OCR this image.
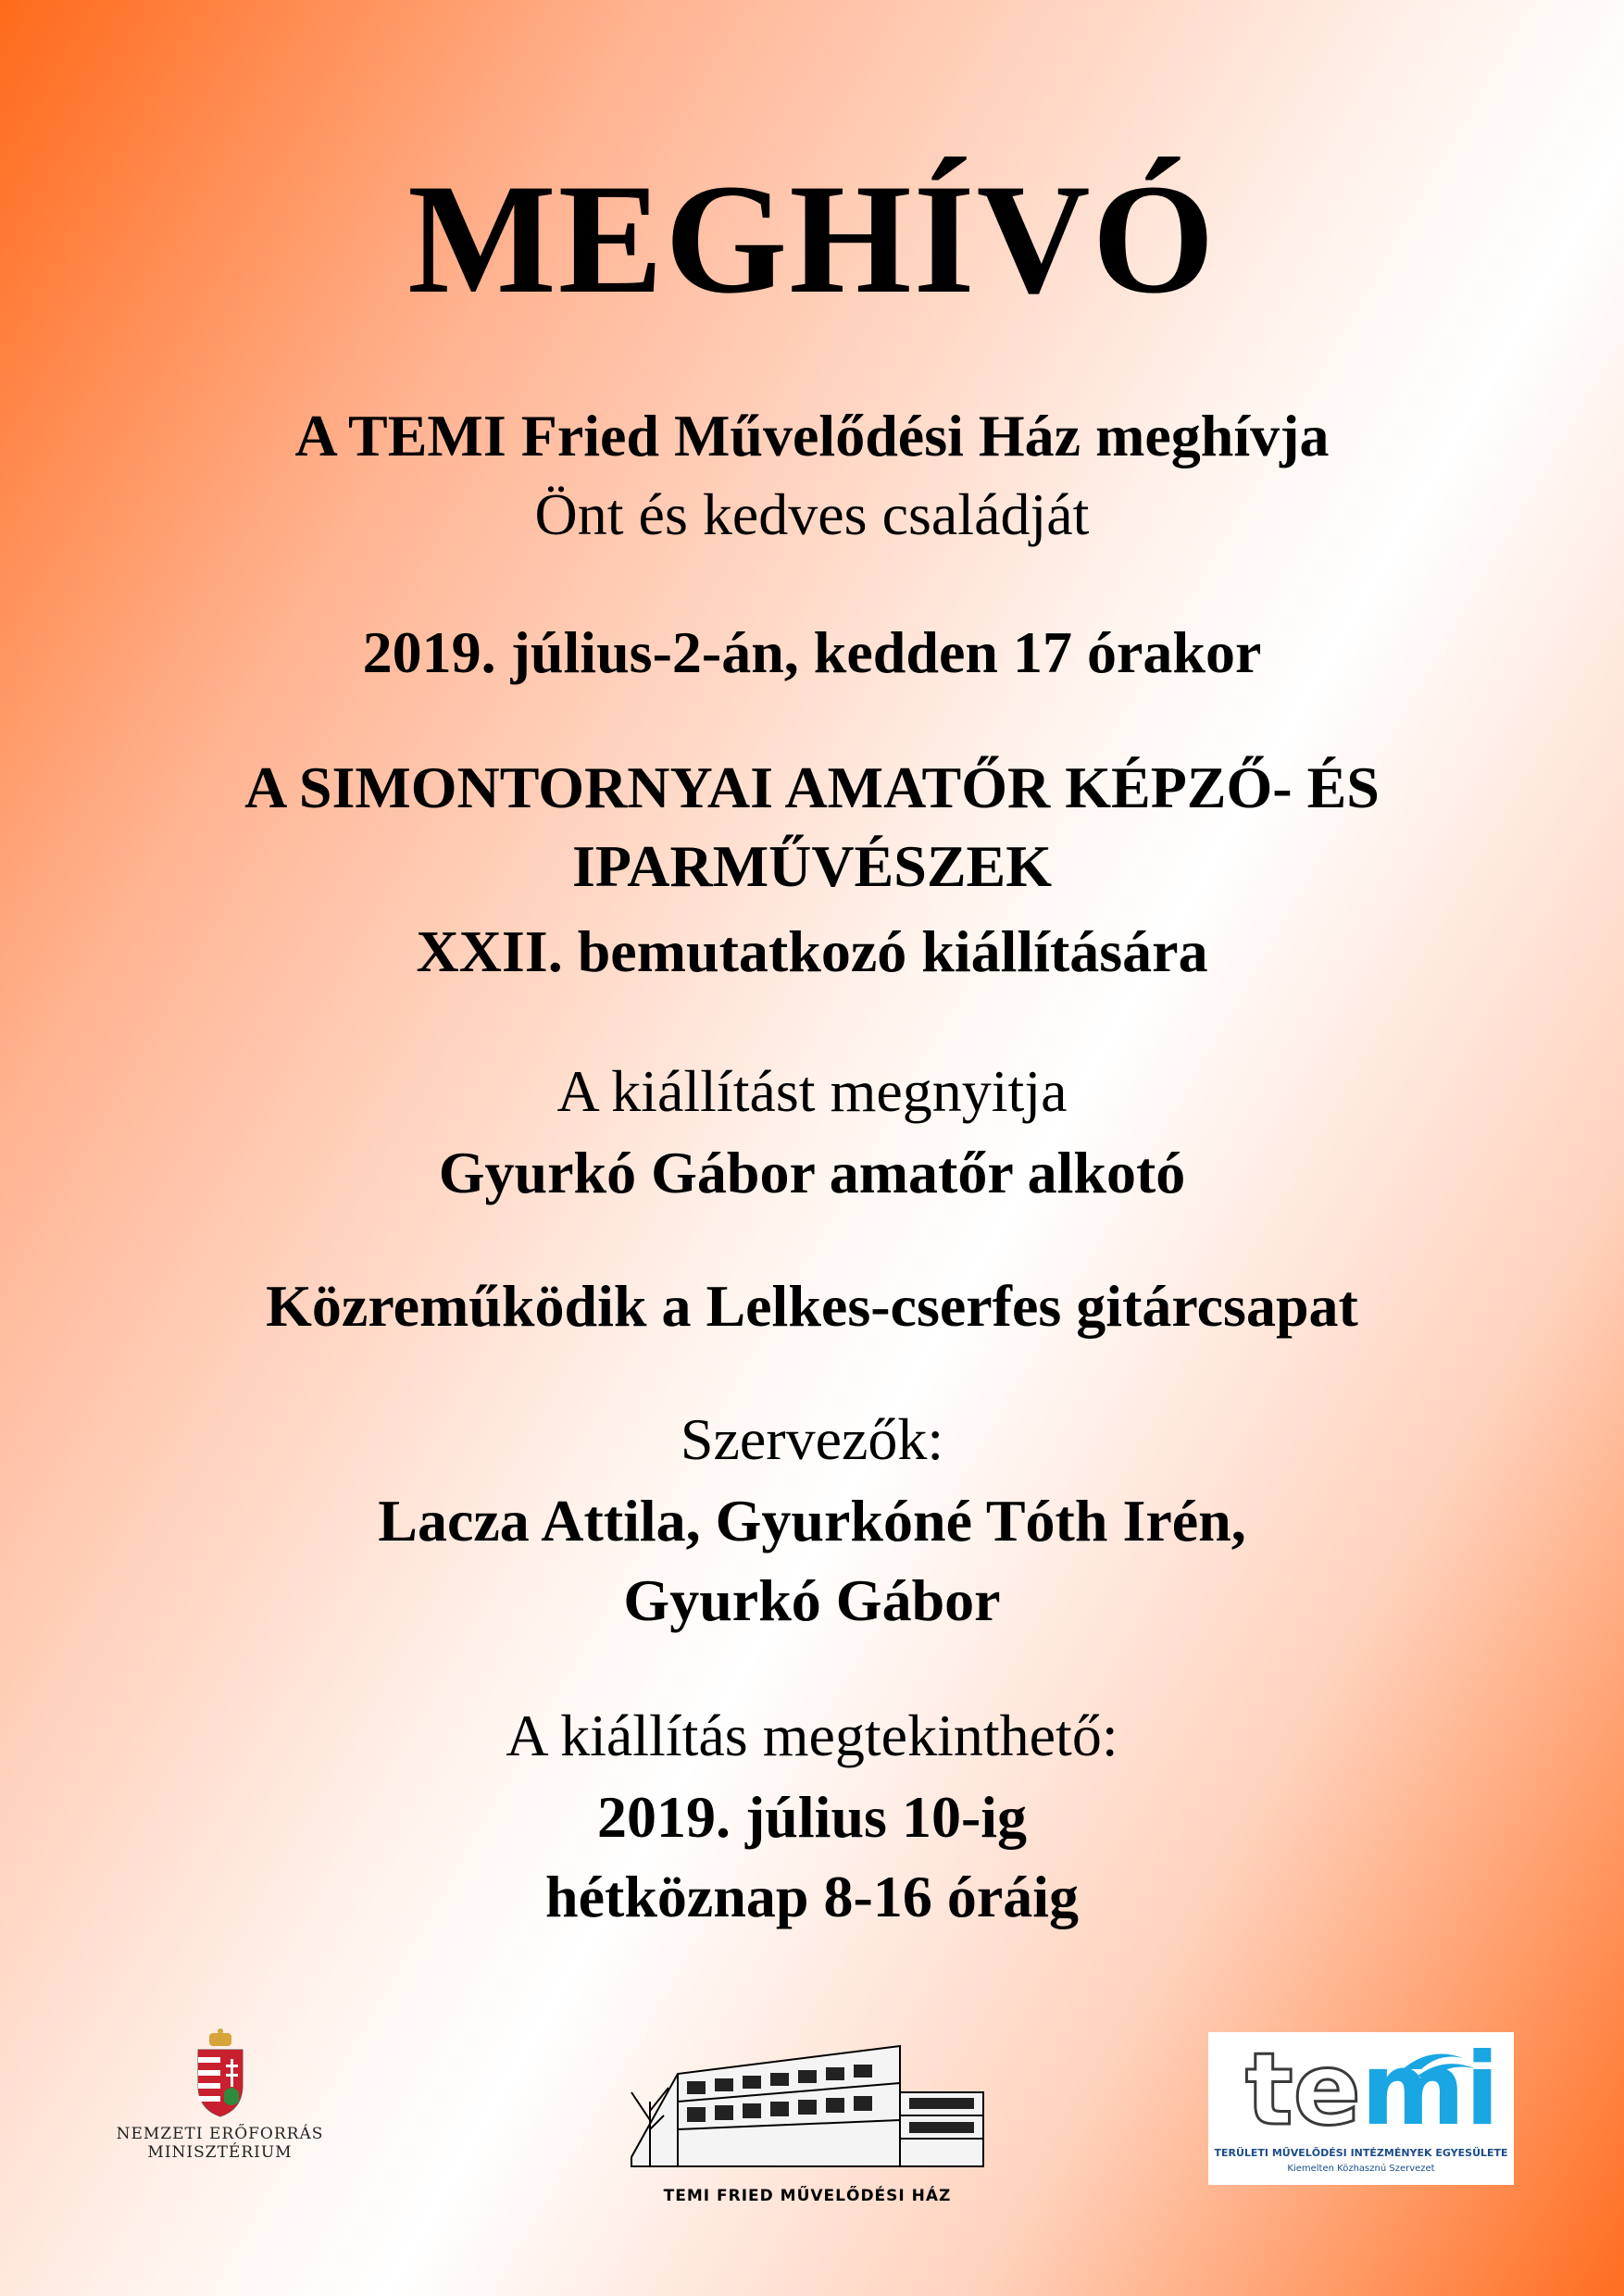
MEGHÍVÓ
A TEMI Fried Művelődési Ház meghívja
Önt és kedves családját
2019. július-2-án, kedden 17 órakor
A SIMONTORNYAI AMATŐR KÉPZŐ- ÉS
IPARMŰVÉSZEK
XXII. bemutatkozó kiállítására
A kiállítást megnyitja
Gyurkó Gábor amatőr alkotó
Közreműködik a Lelkes-cserfes gitárcsapat
Szervezők:
Lacza Attila, Gyurkóné Tóth Irén,
Gyurkó Gábor
A kiállítás megtekinthető:
2019. július 10-ig
hétköznap 8-16 óráig
NEMZETI ERŐFORRÁS
MINISZTÉRIUM
TEMI FRIED MŰVELŐDÉSI HÁZ
temi
TERÜLETI MŰVELŐDÉSI INTÉZMÉNYEK EGYESÜLETE
Kiemelten Közhasznú Szervezet
